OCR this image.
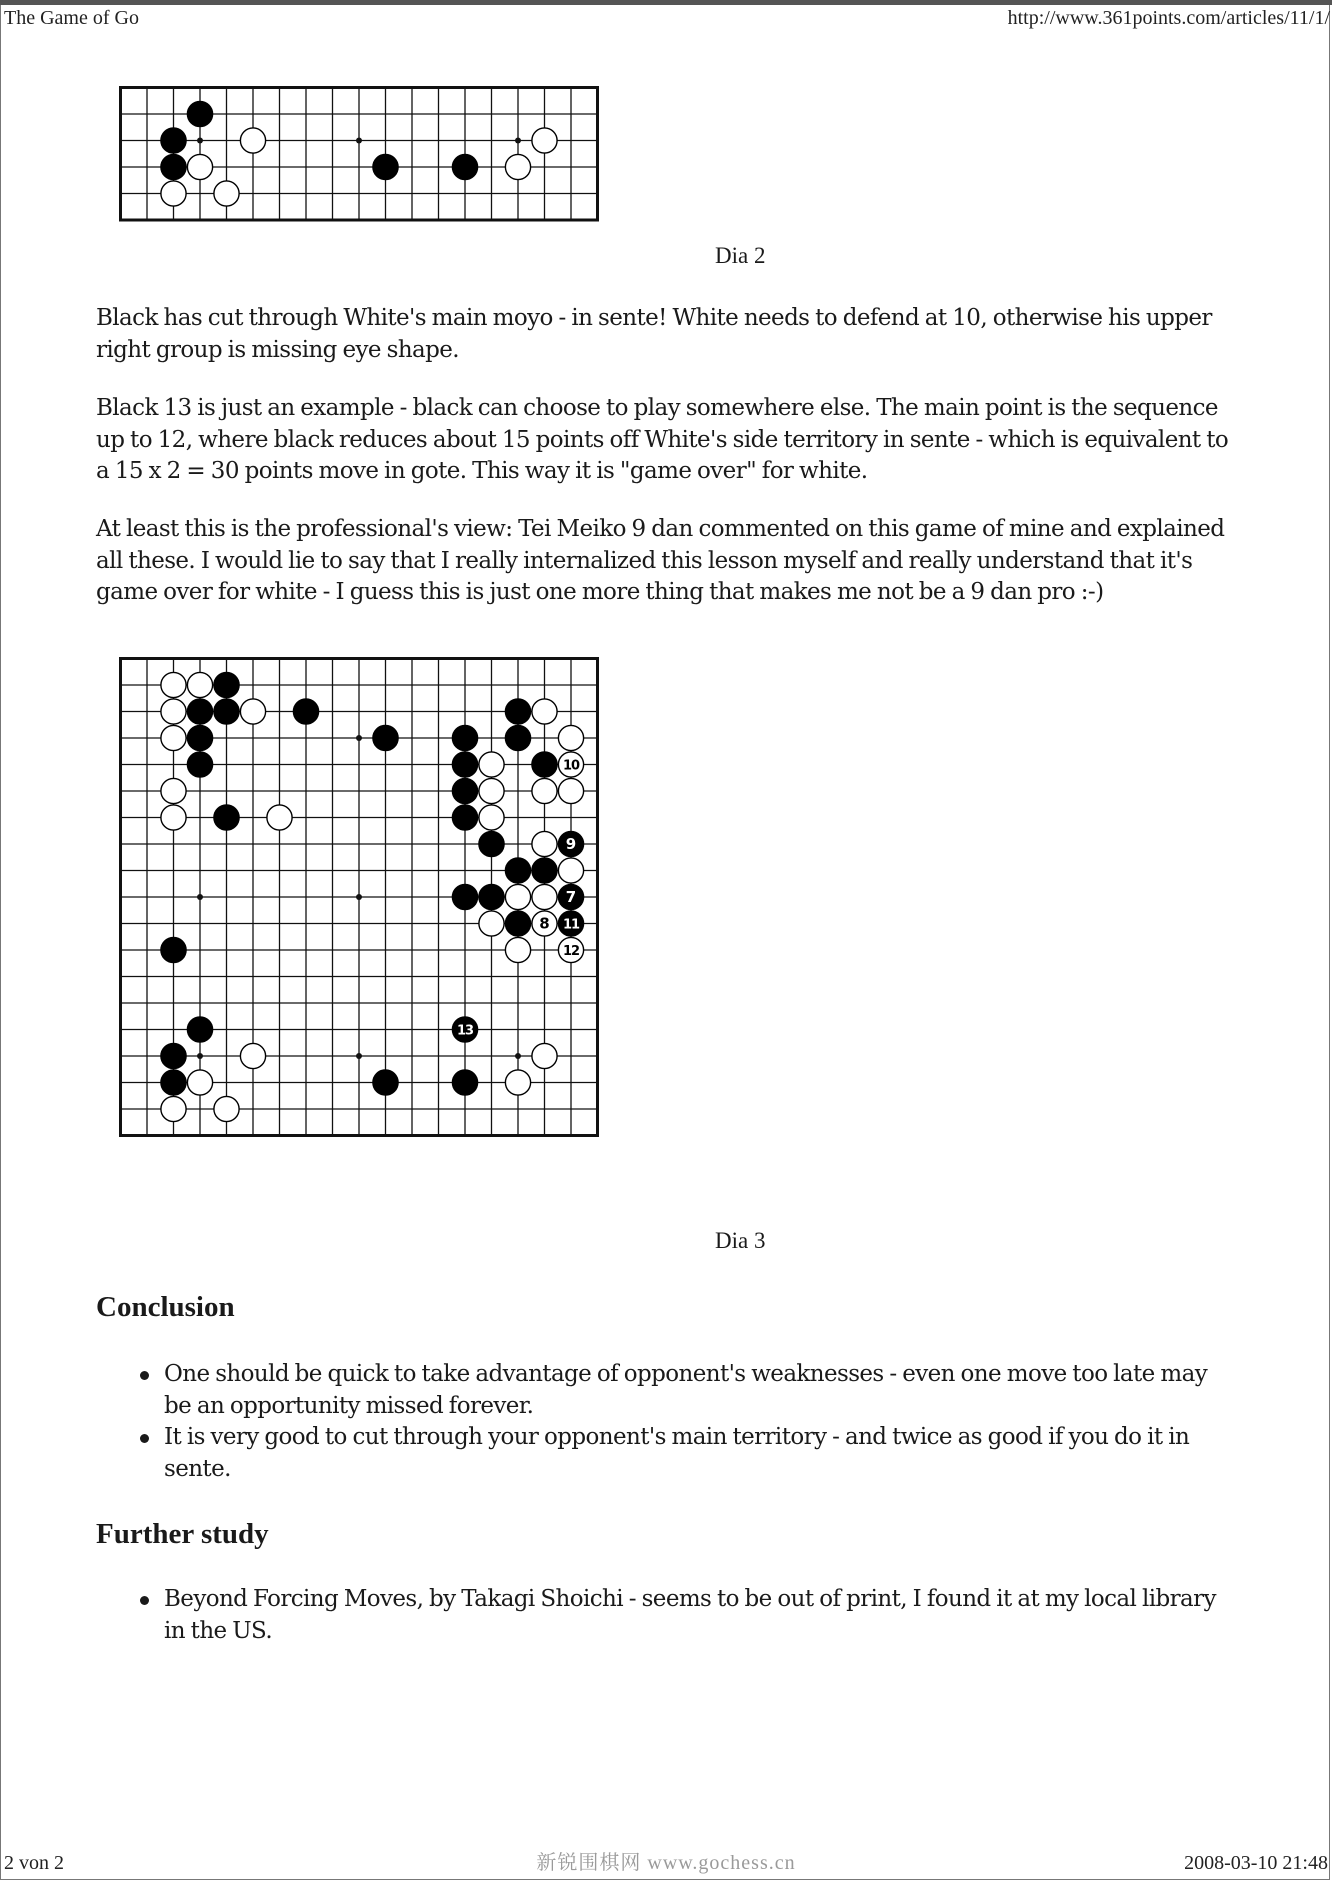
The Game of Go	http://www.361points.com/articles/11/1/
Dia 2

Black has cut through White's main moyo - in sente! White needs to defend at 10, otherwise his upper right group is missing eye shape.

Black 13 is just an example - black can choose to play somewhere else. The main point is the sequence up to 12, where black reduces about 15 points off White's side territory in sente - which is equivalent to a 15 x 2 = 30 points move in gote. This way it is "game over" for white.

At least this is the professional's view: Tei Meiko 9 dan commented on this game of mine and explained all these. I would lie to say that I really internalized this lesson myself and really understand that it's game over for white - I guess this is just one more thing that makes me not be a 9 dan pro :-)

10
9
7
8 11
12
13
Dia 3
Conclusion
One should be quick to take advantage of opponent's weaknesses - even one move too late may be an opportunity missed forever.
It is very good to cut through your opponent's main territory - and twice as good if you do it in sente.
Further study
Beyond Forcing Moves, by Takagi Shoichi - seems to be out of print, I found it at my local library in the US.
新锐围棋网 www.gochess.cn
2 von 2	2008-03-10 21:48
